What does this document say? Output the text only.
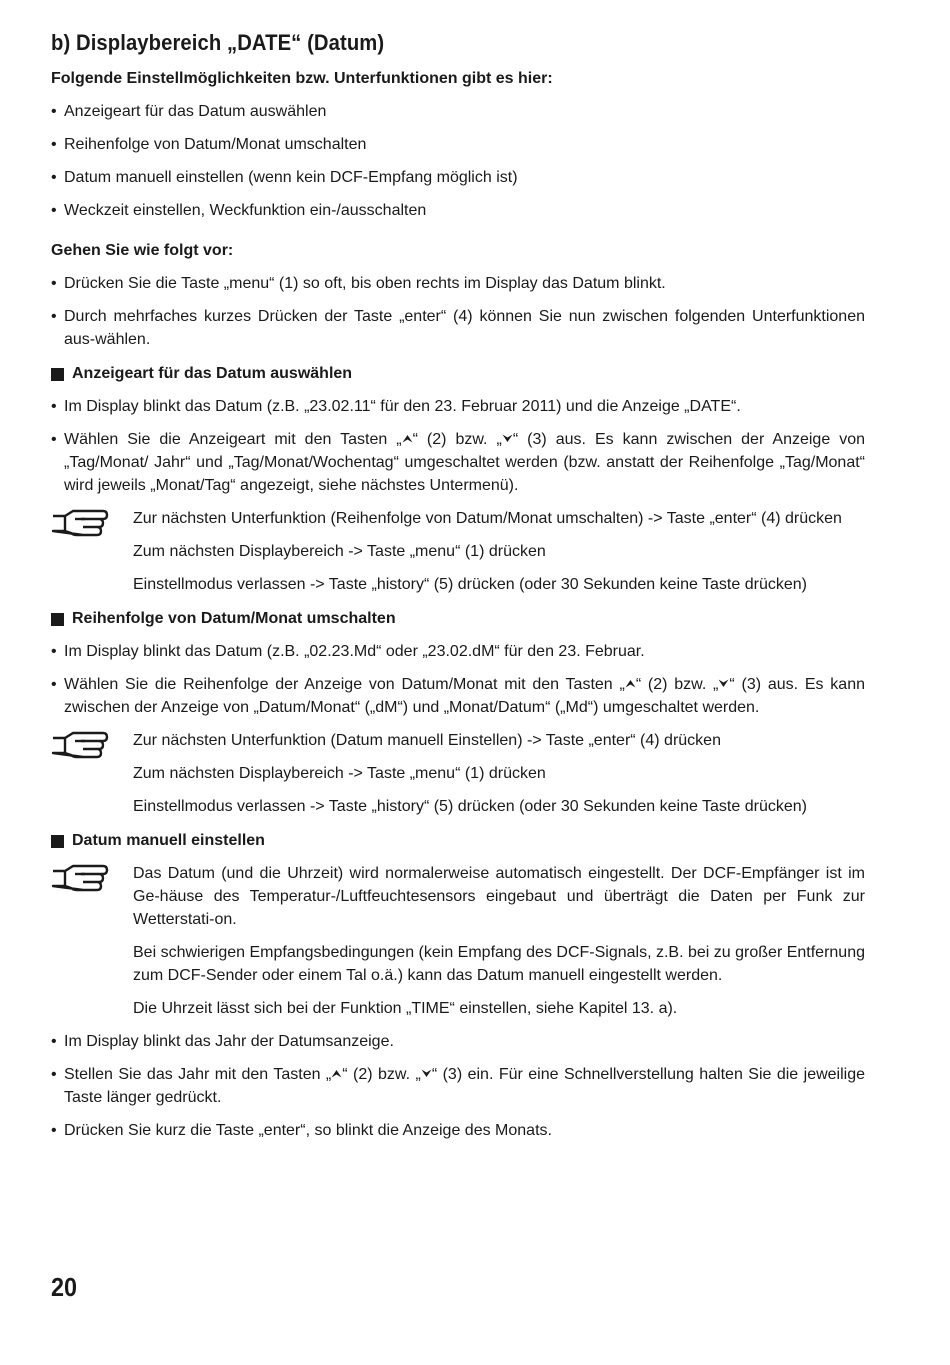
b) Displaybereich „DATE“ (Datum)
Folgende Einstellmöglichkeiten bzw. Unterfunktionen gibt es hier:
• Anzeigeart für das Datum auswählen
• Reihenfolge von Datum/Monat umschalten
• Datum manuell einstellen (wenn kein DCF-Empfang möglich ist)
• Weckzeit einstellen, Weckfunktion ein-/ausschalten
Gehen Sie wie folgt vor:
• Drücken Sie die Taste „menu“ (1) so oft, bis oben rechts im Display das Datum blinkt.
• Durch mehrfaches kurzes Drücken der Taste „enter“ (4) können Sie nun zwischen folgenden Unterfunktionen aus-wählen.
Anzeigeart für das Datum auswählen
• Im Display blinkt das Datum (z.B. „23.02.11“ für den 23. Februar 2011) und die Anzeige „DATE“.
• Wählen Sie die Anzeigeart mit den Tasten „ “ (2) bzw. „ “ (3) aus. Es kann zwischen der Anzeige von „Tag/Monat/ Jahr“ und „Tag/Monat/Wochentag“ umgeschaltet werden (bzw. anstatt der Reihenfolge „Tag/Monat“ wird jeweils „Monat/Tag“ angezeigt, siehe nächstes Untermenü).

Zur nächsten Unterfunktion (Reihenfolge von Datum/Monat umschalten) -> Taste „enter“ (4) drücken

Zum nächsten Displaybereich -> Taste „menu“ (1) drücken

Einstellmodus verlassen -> Taste „history“ (5) drücken (oder 30 Sekunden keine Taste drücken)

Reihenfolge von Datum/Monat umschalten
• Im Display blinkt das Datum (z.B. „02.23.Md“ oder „23.02.dM“ für den 23. Februar.
• Wählen Sie die Reihenfolge der Anzeige von Datum/Monat mit den Tasten „ “ (2) bzw. „ “ (3) aus. Es kann zwischen der Anzeige von „Datum/Monat“ („dM“) und „Monat/Datum“ („Md“) umgeschaltet werden.

Zur nächsten Unterfunktion (Datum manuell Einstellen) -> Taste „enter“ (4) drücken

Zum nächsten Displaybereich -> Taste „menu“ (1) drücken

Einstellmodus verlassen -> Taste „history“ (5) drücken (oder 30 Sekunden keine Taste drücken)

Datum manuell einstellen

Das Datum (und die Uhrzeit) wird normalerweise automatisch eingestellt. Der DCF-Empfänger ist im Ge-häuse des Temperatur-/Luftfeuchtesensors eingebaut und überträgt die Daten per Funk zur Wetterstati-on.

Bei schwierigen Empfangsbedingungen (kein Empfang des DCF-Signals, z.B. bei zu großer Entfernung zum DCF-Sender oder einem Tal o.ä.) kann das Datum manuell eingestellt werden.

Die Uhrzeit lässt sich bei der Funktion „TIME“ einstellen, siehe Kapitel 13. a).

• Im Display blinkt das Jahr der Datumsanzeige.
• Stellen Sie das Jahr mit den Tasten „ “ (2) bzw. „ “ (3) ein. Für eine Schnellverstellung halten Sie die jeweilige Taste länger gedrückt.
• Drücken Sie kurz die Taste „enter“, so blinkt die Anzeige des Monats.
20
